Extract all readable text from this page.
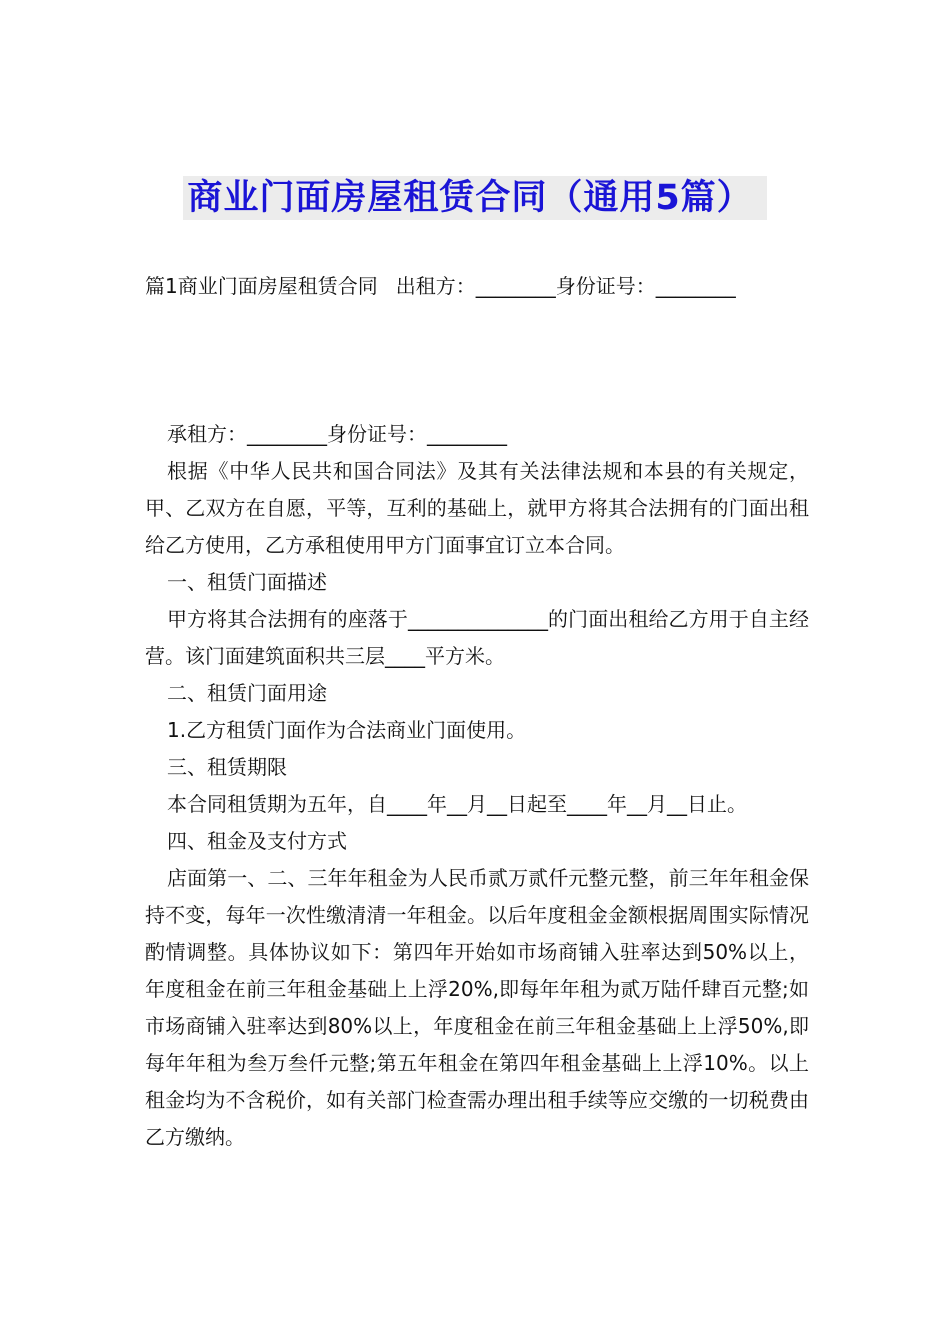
商业门面房屋租赁合同（通用5篇）
篇1商业门面房屋租赁合同 出租方：________身份证号：________

承租方：________身份证号：________

根据《中华人民共和国合同法》及其有关法律法规和本县的有关规定，甲、乙双方在自愿，平等，互利的基础上，就甲方将其合法拥有的门面出租给乙方使用，乙方承租使用甲方门面事宜订立本合同。

一、租赁门面描述

甲方将其合法拥有的座落于______________的门面出租给乙方用于自主经营。该门面建筑面积共三层____平方米。

二、租赁门面用途

1.乙方租赁门面作为合法商业门面使用。

三、租赁期限

本合同租赁期为五年，自____年__月__日起至____年__月__日止。

四、租金及支付方式

店面第一、二、三年年租金为人民币贰万贰仟元整元整，前三年年租金保持不变，每年一次性缴清清一年租金。以后年度租金金额根据周围实际情况酌情调整。具体协议如下：第四年开始如市场商铺入驻率达到50%以上，年度租金在前三年租金基础上上浮20%,即每年年租为贰万陆仟肆百元整;如市场商铺入驻率达到80%以上，年度租金在前三年租金基础上上浮50%,即每年年租为叁万叁仟元整;第五年租金在第四年租金基础上上浮10%。以上租金均为不含税价，如有关部门检查需办理出租手续等应交缴的一切税费由乙方缴纳。
